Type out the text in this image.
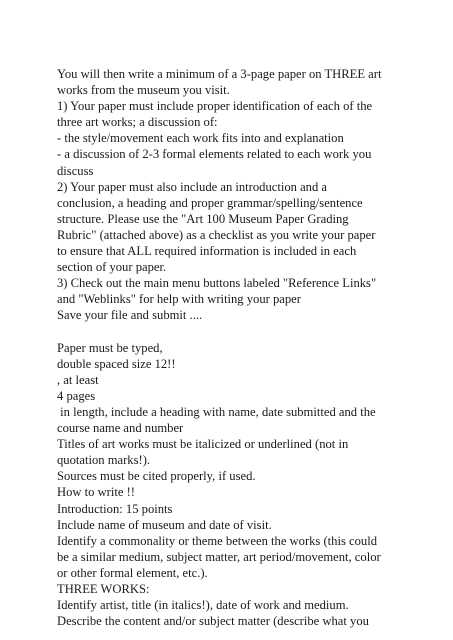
You will then write a minimum of a 3-page paper on THREE art
works from the museum you visit.
1) Your paper must include proper identification of each of the
three art works; a discussion of:
- the style/movement each work fits into and explanation
- a discussion of 2-3 formal elements related to each work you
discuss
2) Your paper must also include an introduction and a
conclusion, a heading and proper grammar/spelling/sentence
structure. Please use the "Art 100 Museum Paper Grading
Rubric" (attached above) as a checklist as you write your paper
to ensure that ALL required information is included in each
section of your paper.
3) Check out the main menu buttons labeled "Reference Links"
and "Weblinks" for help with writing your paper
Save your file and submit ....
Paper must be typed,
double spaced size 12!!
, at least
4 pages
in length, include a heading with name, date submitted and the
course name and number
Titles of art works must be italicized or underlined (not in
quotation marks!).
Sources must be cited properly, if used.
How to write !!
Introduction: 15 points
Include name of museum and date of visit.
Identify a commonality or theme between the works (this could
be a similar medium, subject matter, art period/movement, color
or other formal element, etc.).
THREE WORKS:
Identify artist, title (in italics!), date of work and medium.
Describe the content and/or subject matter (describe what you
